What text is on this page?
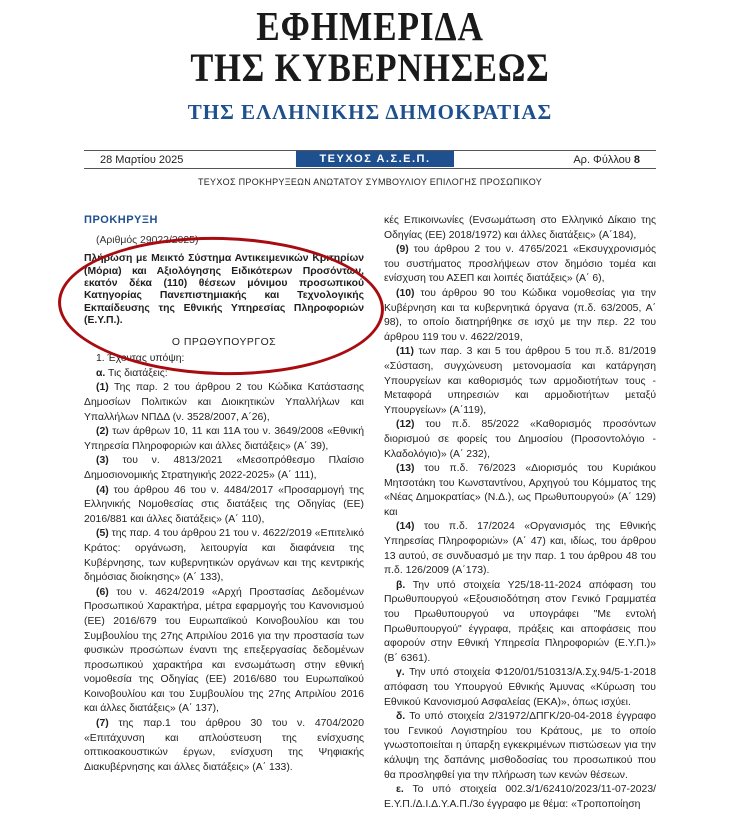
ΕΦΗΜΕΡΙΔΑ
ΤΗΣ ΚΥΒΕΡΝΗΣΕΩΣ
ΤΗΣ ΕΛΛΗΝΙΚΗΣ ΔΗΜΟΚΡΑΤΙΑΣ
28 Μαρτίου 2025	ΤΕΥΧΟΣ Α.Σ.Ε.Π.	Αρ. Φύλλου 8
ΤΕΥΧΟΣ ΠΡΟΚΗΡΥΞΕΩΝ ΑΝΩΤΑΤΟΥ ΣΥΜΒΟΥΛΙΟΥ ΕΠΙΛΟΓΗΣ ΠΡΟΣΩΠΙΚΟΥ

ΠΡΟΚΗΡΥΞΗ

(Αριθμός 29022/2025)

Πλήρωση με Μεικτό Σύστημα Αντικειμενικών Κριτηρίων (Μόρια) και Αξιολόγησης Ειδικότερων Προσόντων, εκατόν δέκα (110) θέσεων μόνιμου προσωπικού Κατηγορίας Πανεπιστημιακής και Τεχνολογικής Εκπαίδευσης της Εθνικής Υπηρεσίας Πληροφοριών (Ε.Υ.Π.).

Ο ΠΡΩΘΥΠΟΥΡΓΟΣ

1. Έχοντας υπόψη:

α. Τις διατάξεις:

(1) Της παρ. 2 του άρθρου 2 του Κώδικα Κατάστασης Δημοσίων Πολιτικών και Διοικητικών Υπαλλήλων και Υπαλλήλων ΝΠΔΔ (ν. 3528/2007, Α΄26),

(2) των άρθρων 10, 11 και 11Α του ν. 3649/2008 «Εθνική Υπηρεσία Πληροφοριών και άλλες διατάξεις» (Α΄ 39),

(3) του ν. 4813/2021 «Μεσοπρόθεσμο Πλαίσιο Δημοσιονομικής Στρατηγικής 2022-2025» (Α΄ 111),

(4) του άρθρου 46 του ν. 4484/2017 «Προσαρμογή της Ελληνικής Νομοθεσίας στις διατάξεις της Οδηγίας (ΕΕ) 2016/881 και άλλες διατάξεις» (Α΄ 110),

(5) της παρ. 4 του άρθρου 21 του ν. 4622/2019 «Επιτελικό Κράτος: οργάνωση, λειτουργία και διαφάνεια της Κυβέρνησης, των κυβερνητικών οργάνων και της κεντρικής δημόσιας διοίκησης» (Α΄ 133),

(6) του ν. 4624/2019 «Αρχή Προστασίας Δεδομένων Προσωπικού Χαρακτήρα, μέτρα εφαρμογής του Κανονισμού (ΕΕ) 2016/679 του Ευρωπαϊκού Κοινοβουλίου και του Συμβουλίου της 27ης Απριλίου 2016 για την προστασία των φυσικών προσώπων έναντι της επεξεργασίας δεδομένων προσωπικού χαρακτήρα και ενσωμάτωση στην εθνική νομοθεσία της Οδηγίας (ΕΕ) 2016/680 του Ευρωπαϊκού Κοινοβουλίου και του Συμβουλίου της 27ης Απριλίου 2016 και άλλες διατάξεις» (Α΄ 137),

(7) της παρ.1 του άρθρου 30 του ν. 4704/2020 «Επιτάχυνση και απλούστευση της ενίσχυσης οπτικοακουστικών έργων, ενίσχυση της Ψηφιακής Διακυβέρνησης και άλλες διατάξεις» (Α΄ 133).

κές Επικοινωνίες (Ενσωμάτωση στο Ελληνικό Δίκαιο της Οδηγίας (ΕΕ) 2018/1972) και άλλες διατάξεις» (Α΄184),

(9) του άρθρου 2 του ν. 4765/2021 «Εκσυγχρονισμός του συστήματος προσλήψεων στον δημόσιο τομέα και ενίσχυση του ΑΣΕΠ και λοιπές διατάξεις» (Α΄ 6),

(10) του άρθρου 90 του Κώδικα νομοθεσίας για την Κυβέρνηση και τα κυβερνητικά όργανα (π.δ. 63/2005, Α΄ 98), το οποίο διατηρήθηκε σε ισχύ με την περ. 22 του άρθρου 119 του ν. 4622/2019,

(11) των παρ. 3 και 5 του άρθρου 5 του π.δ. 81/2019 «Σύσταση, συγχώνευση μετονομασία και κατάργηση Υπουργείων και καθορισμός των αρμοδιοτήτων τους - Μεταφορά υπηρεσιών και αρμοδιοτήτων μεταξύ Υπουργείων» (Α΄119),

(12) του π.δ. 85/2022 «Καθορισμός προσόντων διορισμού σε φορείς του Δημοσίου (Προσοντολόγιο - Κλαδολόγιο)» (Α΄ 232),

(13) του π.δ. 76/2023 «Διορισμός του Κυριάκου Μητσοτάκη του Κωνσταντίνου, Αρχηγού του Κόμματος της «Νέας Δημοκρατίας» (Ν.Δ.), ως Πρωθυπουργού» (Α΄ 129) και

(14) του π.δ. 17/2024 «Οργανισμός της Εθνικής Υπηρεσίας Πληροφοριών» (Α΄ 47) και, ιδίως, του άρθρου 13 αυτού, σε συνδυασμό με την παρ. 1 του άρθρου 48 του π.δ. 126/2009 (Α΄173).

β. Την υπό στοιχεία Υ25/18-11-2024 απόφαση του Πρωθυπουργού «Εξουσιοδότηση στον Γενικό Γραμματέα του Πρωθυπουργού να υπογράφει "Με εντολή Πρωθυπουργού" έγγραφα, πράξεις και αποφάσεις που αφορούν στην Εθνική Υπηρεσία Πληροφοριών (Ε.Υ.Π.)» (Β΄ 6361).

γ. Την υπό στοιχεία Φ120/01/510313/Α.Σχ.94/5-1-2018 απόφαση του Υπουργού Εθνικής Άμυνας «Κύρωση του Εθνικού Κανονισμού Ασφαλείας (ΕΚΑ)», όπως ισχύει.

δ. Το υπό στοιχεία 2/31972/ΔΠΓΚ/20-04-2018 έγγραφο του Γενικού Λογιστηρίου του Κράτους, με το οποίο γνωστοποιείται η ύπαρξη εγκεκριμένων πιστώσεων για την κάλυψη της δαπάνης μισθοδοσίας του προσωπικού που θα προσληφθεί για την πλήρωση των κενών θέσεων.

ε. Το υπό στοιχεία 002.3/1/62410/2023/11-07-2023/ Ε.Υ.Π./Δ.Ι.Δ.Υ.Α.Π./3ο έγγραφο με θέμα: «Τροποποίηση
